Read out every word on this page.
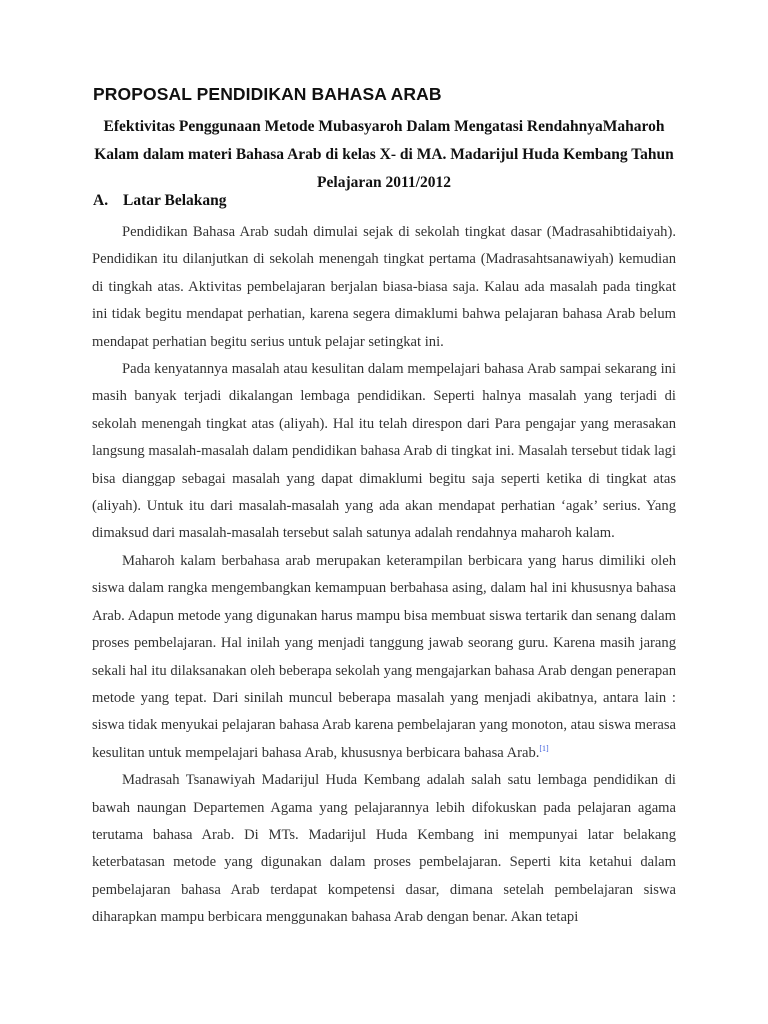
PROPOSAL PENDIDIKAN BAHASA ARAB

Efektivitas Penggunaan Metode Mubasyaroh Dalam Mengatasi RendahnyaMaharoh Kalam dalam materi Bahasa Arab di kelas X- di MA. Madarijul Huda Kembang Tahun Pelajaran 2011/2012

A. Latar Belakang

Pendidikan Bahasa Arab sudah dimulai sejak di sekolah tingkat dasar (Madrasahibtidaiyah). Pendidikan itu dilanjutkan di sekolah menengah tingkat pertama (Madrasahtsanawiyah) kemudian di tingkah atas. Aktivitas pembelajaran berjalan biasa-biasa saja. Kalau ada masalah pada tingkat ini tidak begitu mendapat perhatian, karena segera dimaklumi bahwa pelajaran bahasa Arab belum mendapat perhatian begitu serius untuk pelajar setingkat ini.

Pada kenyatannya masalah atau kesulitan dalam mempelajari bahasa Arab sampai sekarang ini masih banyak terjadi dikalangan lembaga pendidikan. Seperti halnya masalah yang terjadi di sekolah menengah tingkat atas (aliyah). Hal itu telah direspon dari Para pengajar yang merasakan langsung masalah-masalah dalam pendidikan bahasa Arab di tingkat ini. Masalah tersebut tidak lagi bisa dianggap sebagai masalah yang dapat dimaklumi begitu saja seperti ketika di tingkat atas (aliyah). Untuk itu dari masalah-masalah yang ada akan mendapat perhatian ‘agak’ serius. Yang dimaksud dari masalah-masalah tersebut salah satunya adalah rendahnya maharoh kalam.

Maharoh kalam berbahasa arab merupakan keterampilan berbicara yang harus dimiliki oleh siswa dalam rangka mengembangkan kemampuan berbahasa asing, dalam hal ini khususnya bahasa Arab. Adapun metode yang digunakan harus mampu bisa membuat siswa tertarik dan senang dalam proses pembelajaran. Hal inilah yang menjadi tanggung jawab seorang guru. Karena masih jarang sekali hal itu dilaksanakan oleh beberapa sekolah yang mengajarkan bahasa Arab dengan penerapan metode yang tepat. Dari sinilah muncul beberapa masalah yang menjadi akibatnya, antara lain : siswa tidak menyukai pelajaran bahasa Arab karena pembelajaran yang monoton, atau siswa merasa kesulitan untuk mempelajari bahasa Arab, khususnya berbicara bahasa Arab.[1]

Madrasah Tsanawiyah Madarijul Huda Kembang adalah salah satu lembaga pendidikan di bawah naungan Departemen Agama yang pelajarannya lebih difokuskan pada pelajaran agama terutama bahasa Arab. Di MTs. Madarijul Huda Kembang ini mempunyai latar belakang keterbatasan metode yang digunakan dalam proses pembelajaran. Seperti kita ketahui dalam pembelajaran bahasa Arab terdapat kompetensi dasar, dimana setelah pembelajaran siswa diharapkan mampu berbicara menggunakan bahasa Arab dengan benar. Akan tetapi
